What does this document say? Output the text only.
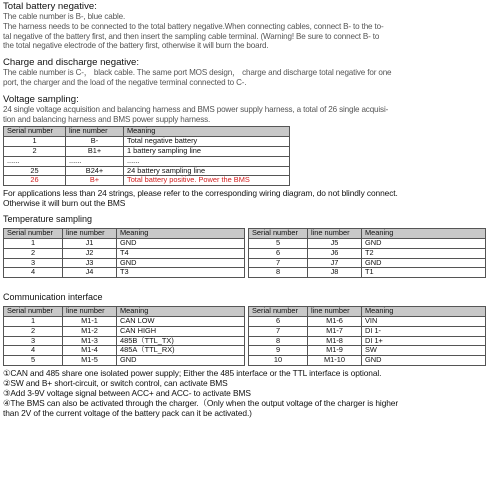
Total battery negative:
The cable number is B-, blue cable.
The harness needs to be connected to the total battery negative.When connecting cables, connect B- to the to-
tal negative of the battery first, and then insert the sampling cable terminal. (Warning! Be sure to connect B- to
the total negative electrode of the battery first, otherwise it will burn the board.
Charge and discharge negative:
The cable number is C-， black cable. The same port MOS design， charge and discharge total negative for one
port, the charger and the load of the negative terminal connected to C-.
Voltage sampling:
24 single voltage acquisition and balancing harness and BMS power supply harness, a total of 26 single acquisi-
tion and balancing harness and BMS power supply harness.
Serial number	line number	Meaning
1	B-	Total negative battery
2	B1+	1 battery sampling line
......	......	......
25	B24+	24 battery sampling line
26	B+	Total battery positive. Power the BMS
For applications less than 24 strings, please refer to the corresponding wiring diagram, do not blindly connect.
Otherwise it will burn out the BMS
Temperature sampling
Serial number	line number	Meaning		Serial number	line number	Meaning
1	J1	GND		5	J5	GND
2	J2	T4		6	J6	T2
3	J3	GND		7	J7	GND
4	J4	T3		8	J8	T1
Communication interface
Serial number	line number	Meaning		Serial number	line number	Meaning
1	M1-1	CAN LOW		6	M1-6	VIN
2	M1-2	CAN HIGH		7	M1-7	DI 1-
3	M1-3	485B（TTL_TX)		8	M1-8	DI 1+
4	M1-4	485A（TTL_RX)		9	M1-9	SW
5	M1-5	GND		10	M1-10	GND
①CAN and 485 share one isolated power supply; Either the 485 interface or the TTL interface is optional.
②SW and B+ short-circuit, or switch control, can activate BMS
③Add 3-9V voltage signal between ACC+ and ACC- to activate BMS
④The BMS can also be activated through the charger.（Only when the output voltage of the charger is higher
than 2V of the current voltage of the battery pack can it be activated.)
